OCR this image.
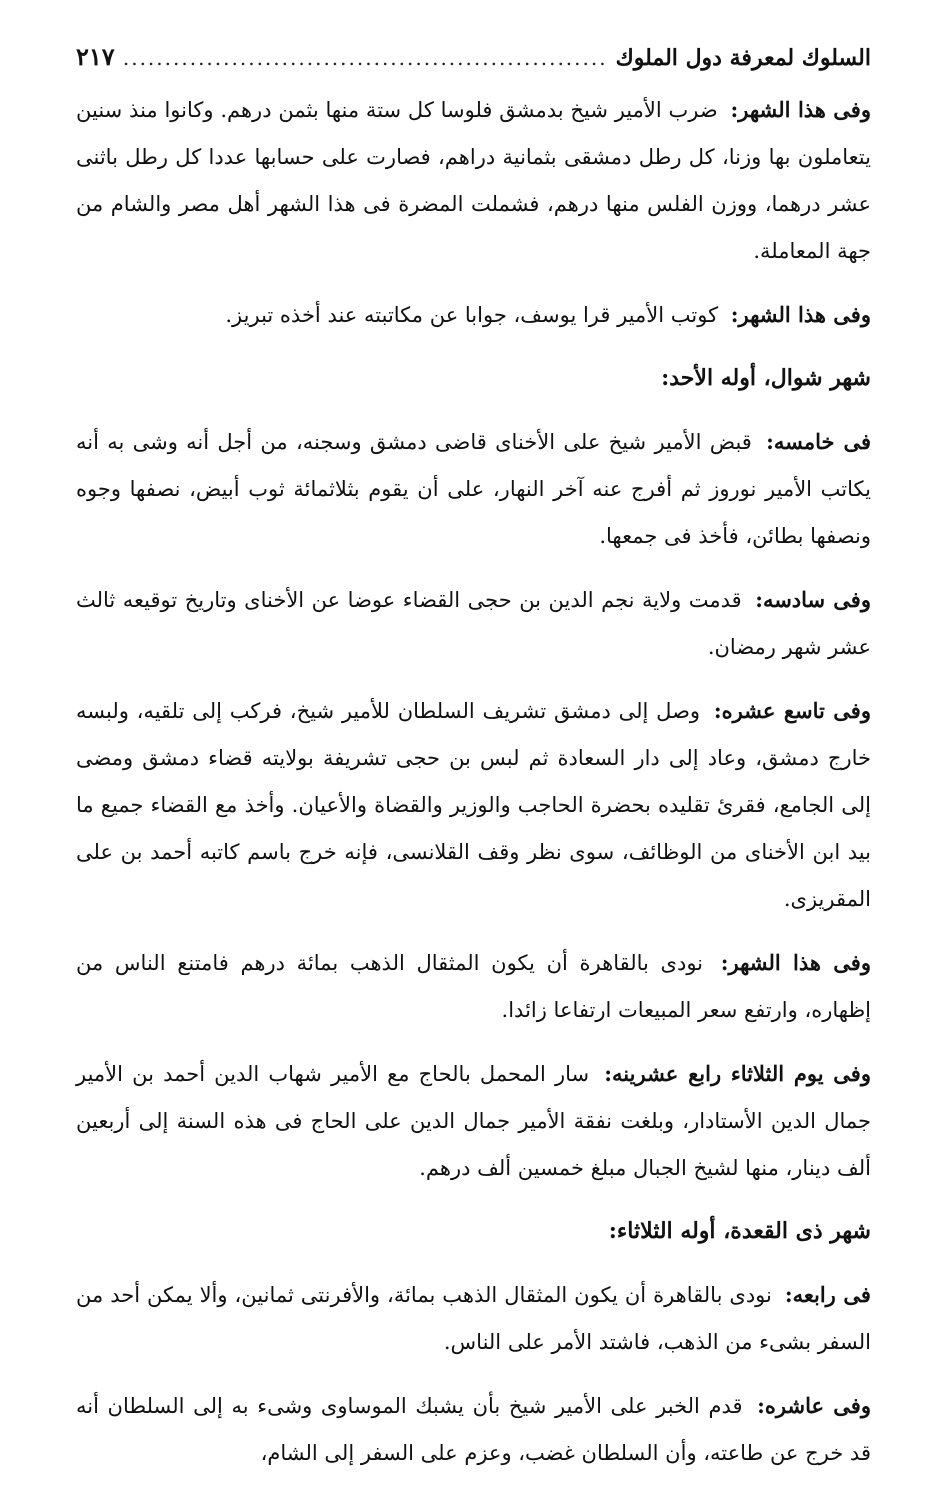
السلوك لمعرفة دول الملوك
.....
٢١٧

وفى هذا الشهر: ضرب الأمير شيخ بدمشق فلوسا كل ستة منها بثمن درهم. وكانوا منذ سنين يتعاملون بها وزنا، كل رطل دمشقى بثمانية دراهم، فصارت على حسابها عددا كل رطل باثنى عشر درهما، ووزن الفلس منها درهم، فشملت المضرة فى هذا الشهر أهل مصر والشام من جهة المعاملة.

وفى هذا الشهر: كوتب الأمير قرا يوسف، جوابا عن مكاتبته عند أخذه تبريز.

شهر شوال، أوله الأحد:

فى خامسه: قبض الأمير شيخ على الأخناى قاضى دمشق وسجنه، من أجل أنه وشى به أنه يكاتب الأمير نوروز ثم أفرج عنه آخر النهار، على أن يقوم بثلاثمائة ثوب أبيض، نصفها وجوه ونصفها بطائن، فأخذ فى جمعها.

وفى سادسه: قدمت ولاية نجم الدين بن حجى القضاء عوضا عن الأخناى وتاريخ توقيعه ثالث عشر شهر رمضان.

وفى تاسع عشره: وصل إلى دمشق تشريف السلطان للأمير شيخ، فركب إلى تلقيه، ولبسه خارج دمشق، وعاد إلى دار السعادة ثم لبس بن حجى تشريفة بولايته قضاء دمشق ومضى إلى الجامع، فقرئ تقليده بحضرة الحاجب والوزير والقضاة والأعيان. وأخذ مع القضاء جميع ما بيد ابن الأخناى من الوظائف، سوى نظر وقف القلانسى، فإنه خرج باسم كاتبه أحمد بن على المقريزى.

وفى هذا الشهر: نودى بالقاهرة أن يكون المثقال الذهب بمائة درهم فامتنع الناس من إظهاره، وارتفع سعر المبيعات ارتفاعا زائدا.

وفى يوم الثلاثاء رابع عشرينه: سار المحمل بالحاج مع الأمير شهاب الدين أحمد بن الأمير جمال الدين الأستادار، وبلغت نفقة الأمير جمال الدين على الحاج فى هذه السنة إلى أربعين ألف دينار، منها لشيخ الجبال مبلغ خمسين ألف درهم.

شهر ذى القعدة، أوله الثلاثاء:

فى رابعه: نودى بالقاهرة أن يكون المثقال الذهب بمائة، والأفرنتى ثمانين، وألا يمكن أحد من السفر بشىء من الذهب، فاشتد الأمر على الناس.

وفى عاشره: قدم الخبر على الأمير شيخ بأن يشبك الموساوى وشىء به إلى السلطان أنه قد خرج عن طاعته، وأن السلطان غضب، وعزم على السفر إلى الشام،
